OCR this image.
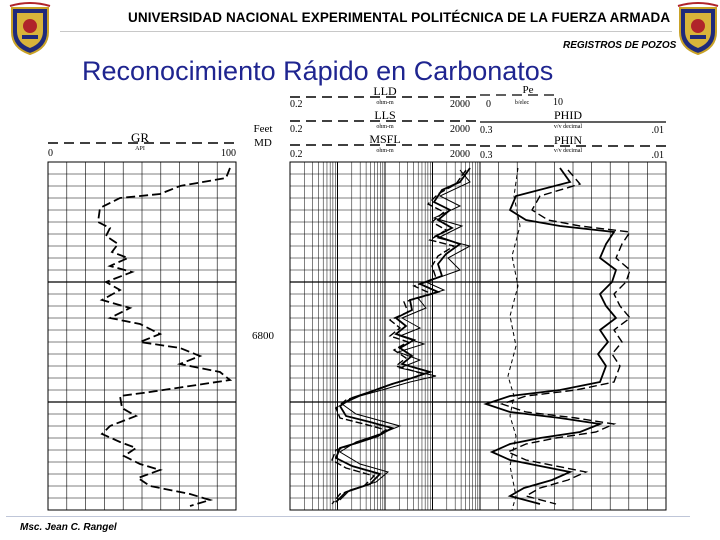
UNIVERSIDAD NACIONAL EXPERIMENTAL POLITÉCNICA DE LA FUERZA ARMADA
REGISTROS DE POZOS
Reconocimiento Rápido en Carbonatos
GR
API
0	100
Feet
MD
LLD
ohm-m
0.2	2000
LLS
ohm-m
0.2	2000
MSFL
ohm-m
0.2	2000
Pe
b/elec
0	10
PHID
v/v decimal
0.3	.01
PHIN
v/v decimal
0.3	.01
6800
Msc. Jean C. Rangel
